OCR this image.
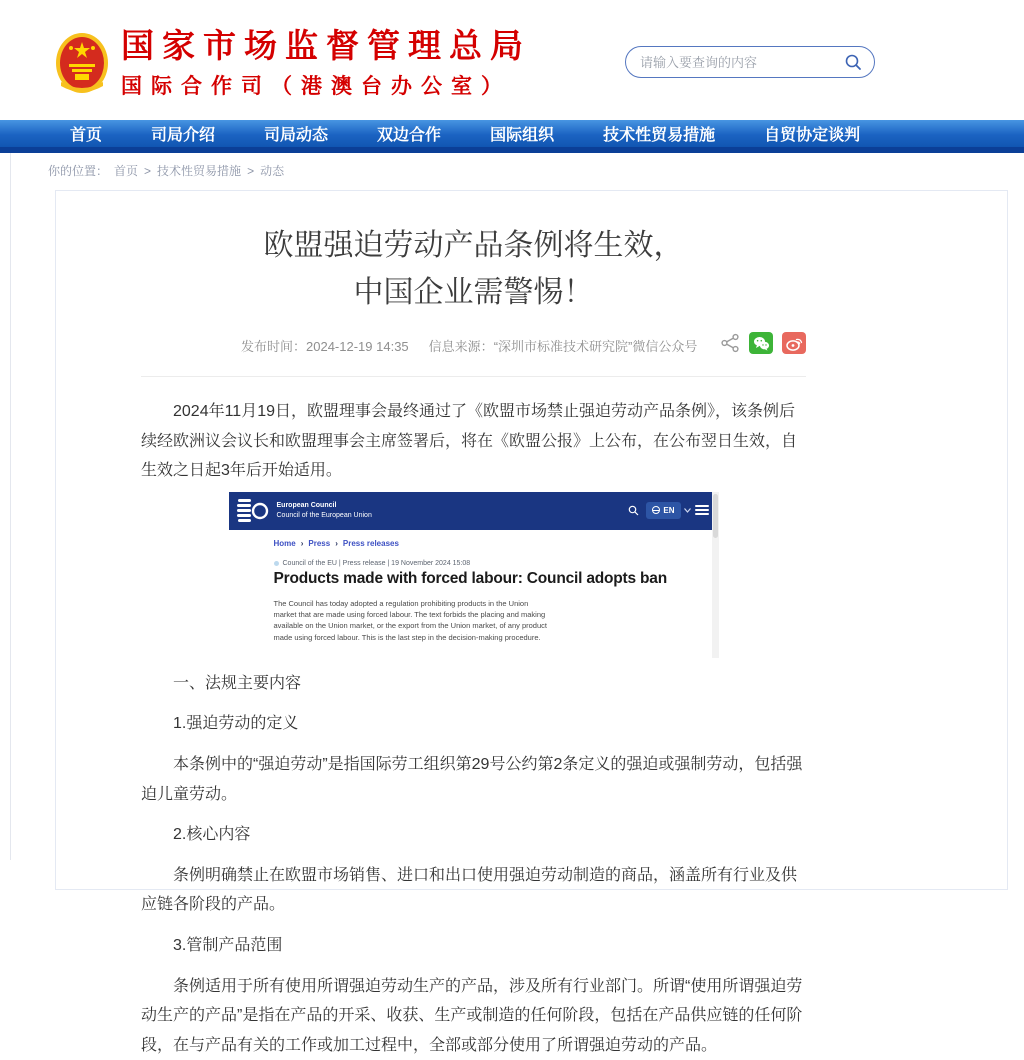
国家市场监督管理总局
国际合作司（港澳台办公室）
请输入要查询的内容
首页	司局介绍	司局动态	双边合作	国际组织	技术性贸易措施	自贸协定谈判
你的位置： 首页 > 技术性贸易措施 > 动态
欧盟强迫劳动产品条例将生效，
中国企业需警惕！
发布时间：2024-12-19 14:35 信息来源：“深圳市标准技术研究院”微信公众号

2024年11月19日，欧盟理事会最终通过了《欧盟市场禁止强迫劳动产品条例》，该条例后续经欧洲议会议长和欧盟理事会主席签署后，将在《欧盟公报》上公布，在公布翌日生效，自生效之日起3年后开始适用。

European Council
Council of the European Union
EN
Home › Press › Press releases
Council of the EU | Press release | 19 November 2024 15:08
Products made with forced labour: Council adopts ban
The Council has today adopted a regulation prohibiting products in the Union market that are made using forced labour. The text forbids the placing and making available on the Union market, or the export from the Union market, of any product made using forced labour. This is the last step in the decision-making procedure.

一、法规主要内容

1.强迫劳动的定义

本条例中的“强迫劳动”是指国际劳工组织第29号公约第2条定义的强迫或强制劳动，包括强迫儿童劳动。

2.核心内容

条例明确禁止在欧盟市场销售、进口和出口使用强迫劳动制造的商品，涵盖所有行业及供应链各阶段的产品。

3.管制产品范围

条例适用于所有使用所谓强迫劳动生产的产品，涉及所有行业部门。所谓“使用所谓强迫劳动生产的产品”是指在产品的开采、收获、生产或制造的任何阶段，包括在产品供应链的任何阶段，在与产品有关的工作或加工过程中，全部或部分使用了所谓强迫劳动的产品。
